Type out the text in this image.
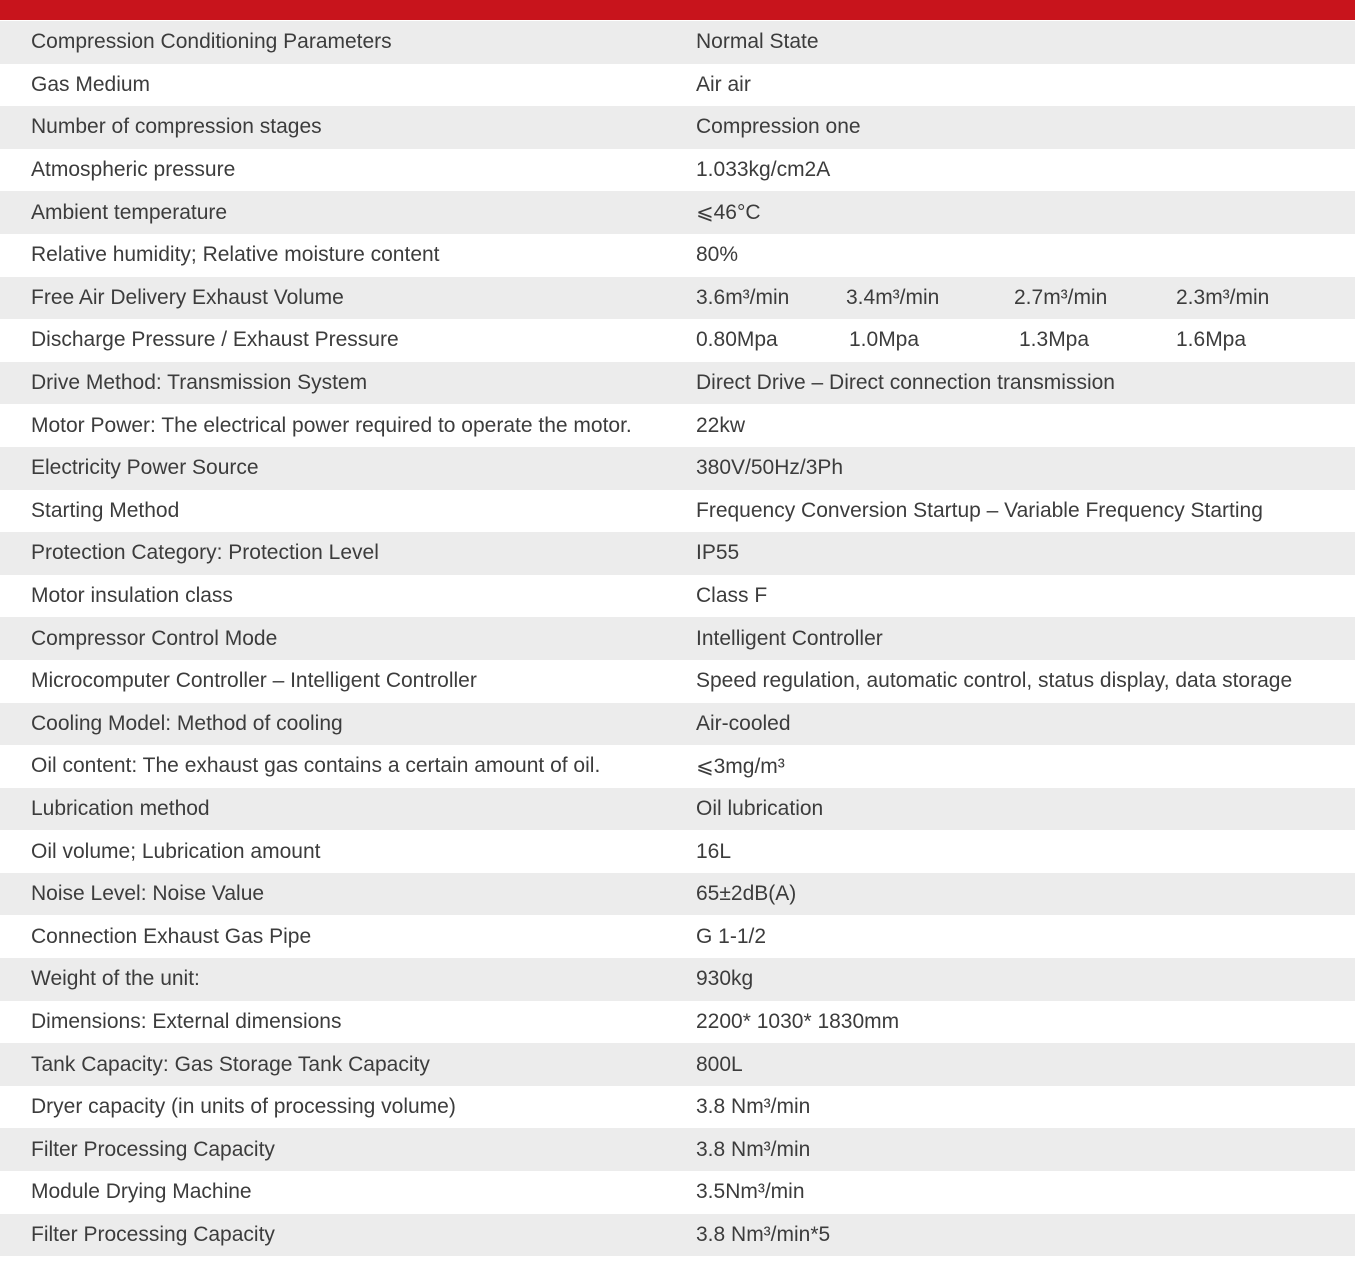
Compression Conditioning Parameters	Normal State
Gas Medium	Air air
Number of compression stages	Compression one
Atmospheric pressure	1.033kg/cm2A
Ambient temperature	⩽46°C
Relative humidity; Relative moisture content	80%
Free Air Delivery Exhaust Volume	3.6m³/min	3.4m³/min	2.7m³/min	2.3m³/min
Discharge Pressure / Exhaust Pressure	0.80Mpa	1.0Mpa	1.3Mpa	1.6Mpa
Drive Method: Transmission System	Direct Drive – Direct connection transmission
Motor Power: The electrical power required to operate the motor.	22kw
Electricity Power Source	380V/50Hz/3Ph
Starting Method	Frequency Conversion Startup – Variable Frequency Starting
Protection Category: Protection Level	IP55
Motor insulation class	Class F
Compressor Control Mode	Intelligent Controller
Microcomputer Controller – Intelligent Controller	Speed regulation, automatic control, status display, data storage
Cooling Model: Method of cooling	Air-cooled
Oil content: The exhaust gas contains a certain amount of oil.	⩽3mg/m³
Lubrication method	Oil lubrication
Oil volume; Lubrication amount	16L
Noise Level: Noise Value	65±2dB(A)
Connection Exhaust Gas Pipe	G 1-1/2
Weight of the unit:	930kg
Dimensions: External dimensions	2200* 1030* 1830mm
Tank Capacity: Gas Storage Tank Capacity	800L
Dryer capacity (in units of processing volume)	3.8 Nm³/min
Filter Processing Capacity	3.8 Nm³/min
Module Drying Machine	3.5Nm³/min
Filter Processing Capacity	3.8 Nm³/min*5
